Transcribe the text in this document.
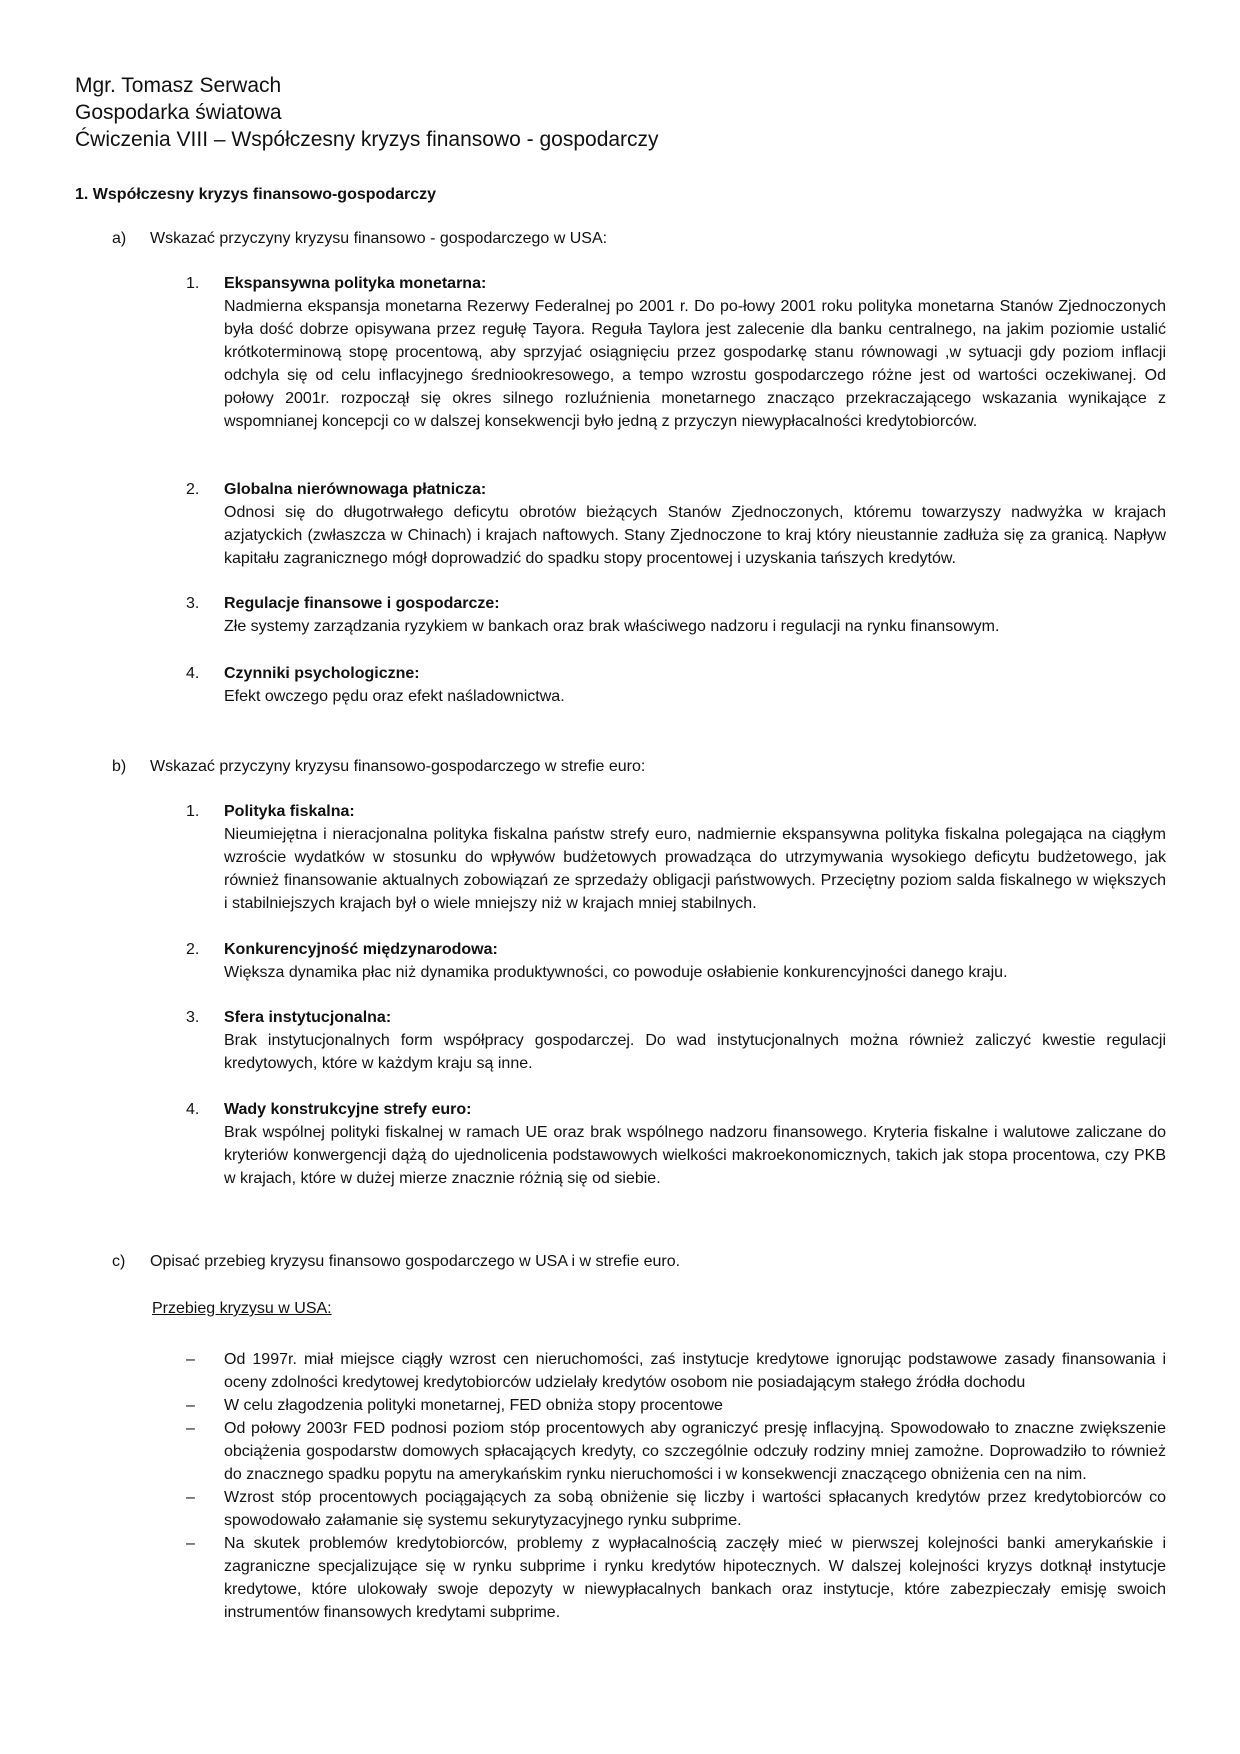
Mgr. Tomasz Serwach
Gospodarka światowa
Ćwiczenia VIII – Współczesny kryzys finansowo - gospodarczy
1. Współczesny kryzys finansowo-gospodarczy
a) Wskazać przyczyny kryzysu finansowo - gospodarczego w USA:
1. Ekspansywna polityka monetarna:
Nadmierna ekspansja monetarna Rezerwy Federalnej po 2001 r. Do po-łowy 2001 roku polityka monetarna Stanów Zjednoczonych była dość dobrze opisywana przez regułę Tayora. Reguła Taylora jest zalecenie dla banku centralnego, na jakim poziomie ustalić krótkoterminową stopę procentową, aby sprzyjać osiągnięciu przez gospodarkę stanu równowagi ,w sytuacji gdy poziom inflacji odchyla się od celu inflacyjnego średniookresowego, a tempo wzrostu gospodarczego różne jest od wartości oczekiwanej. Od połowy 2001r. rozpoczął się okres silnego rozluźnienia monetarnego znacząco przekraczającego wskazania wynikające z wspomnianej koncepcji co w dalszej konsekwencji było jedną z przyczyn niewypłacalności kredytobiorców.
2. Globalna nierównowaga płatnicza:
Odnosi się do długotrwałego deficytu obrotów bieżących Stanów Zjednoczonych, któremu towarzyszy nadwyżka w krajach azjatyckich (zwłaszcza w Chinach) i krajach naftowych. Stany Zjednoczone to kraj który nieustannie zadłuża się za granicą. Napływ kapitału zagranicznego mógł doprowadzić do spadku stopy procentowej i uzyskania tańszych kredytów.
3. Regulacje finansowe i gospodarcze:
Złe systemy zarządzania ryzykiem w bankach oraz brak właściwego nadzoru i regulacji na rynku finansowym.
4. Czynniki psychologiczne:
Efekt owczego pędu oraz efekt naśladownictwa.
b) Wskazać przyczyny kryzysu finansowo-gospodarczego w strefie euro:
1. Polityka fiskalna:
Nieumiejętna i nieracjonalna polityka fiskalna państw strefy euro, nadmiernie ekspansywna polityka fiskalna polegająca na ciągłym wzroście wydatków w stosunku do wpływów budżetowych prowadząca do utrzymywania wysokiego deficytu budżetowego, jak również finansowanie aktualnych zobowiązań ze sprzedaży obligacji państwowych. Przeciętny poziom salda fiskalnego w większych i stabilniejszych krajach był o wiele mniejszy niż w krajach mniej stabilnych.
2. Konkurencyjność międzynarodowa:
Większa dynamika płac niż dynamika produktywności, co powoduje osłabienie konkurencyjności danego kraju.
3. Sfera instytucjonalna:
Brak instytucjonalnych form współpracy gospodarczej. Do wad instytucjonalnych można również zaliczyć kwestie regulacji kredytowych, które w każdym kraju są inne.
4. Wady konstrukcyjne strefy euro:
Brak wspólnej polityki fiskalnej w ramach UE oraz brak wspólnego nadzoru finansowego. Kryteria fiskalne i walutowe zaliczane do kryteriów konwergencji dążą do ujednolicenia podstawowych wielkości makroekonomicznych, takich jak stopa procentowa, czy PKB w krajach, które w dużej mierze znacznie różnią się od siebie.
c) Opisać przebieg kryzysu finansowo gospodarczego w USA i w strefie euro.
Przebieg kryzysu w USA:
– Od 1997r. miał miejsce ciągły wzrost cen nieruchomości, zaś instytucje kredytowe ignorując podstawowe zasady finansowania i oceny zdolności kredytowej kredytobiorców udzielały kredytów osobom nie posiadającym stałego źródła dochodu
– W celu złagodzenia polityki monetarnej, FED obniża stopy procentowe
– Od połowy 2003r FED podnosi poziom stóp procentowych aby ograniczyć presję inflacyjną. Spowodowało to znaczne zwiększenie obciążenia gospodarstw domowych spłacających kredyty, co szczególnie odczuły rodziny mniej zamożne. Doprowadziło to również do znacznego spadku popytu na amerykańskim rynku nieruchomości i w konsekwencji znaczącego obniżenia cen na nim.
– Wzrost stóp procentowych pociągających za sobą obniżenie się liczby i wartości spłacanych kredytów przez kredytobiorców co spowodowało załamanie się systemu sekurytyzacyjnego rynku subprime.
– Na skutek problemów kredytobiorców, problemy z wypłacalnością zaczęły mieć w pierwszej kolejności banki amerykańskie i zagraniczne specjalizujące się w rynku subprime i rynku kredytów hipotecznych. W dalszej kolejności kryzys dotknął instytucje kredytowe, które ulokowały swoje depozyty w niewypłacalnych bankach oraz instytucje, które zabezpieczały emisję swoich instrumentów finansowych kredytami subprime.
